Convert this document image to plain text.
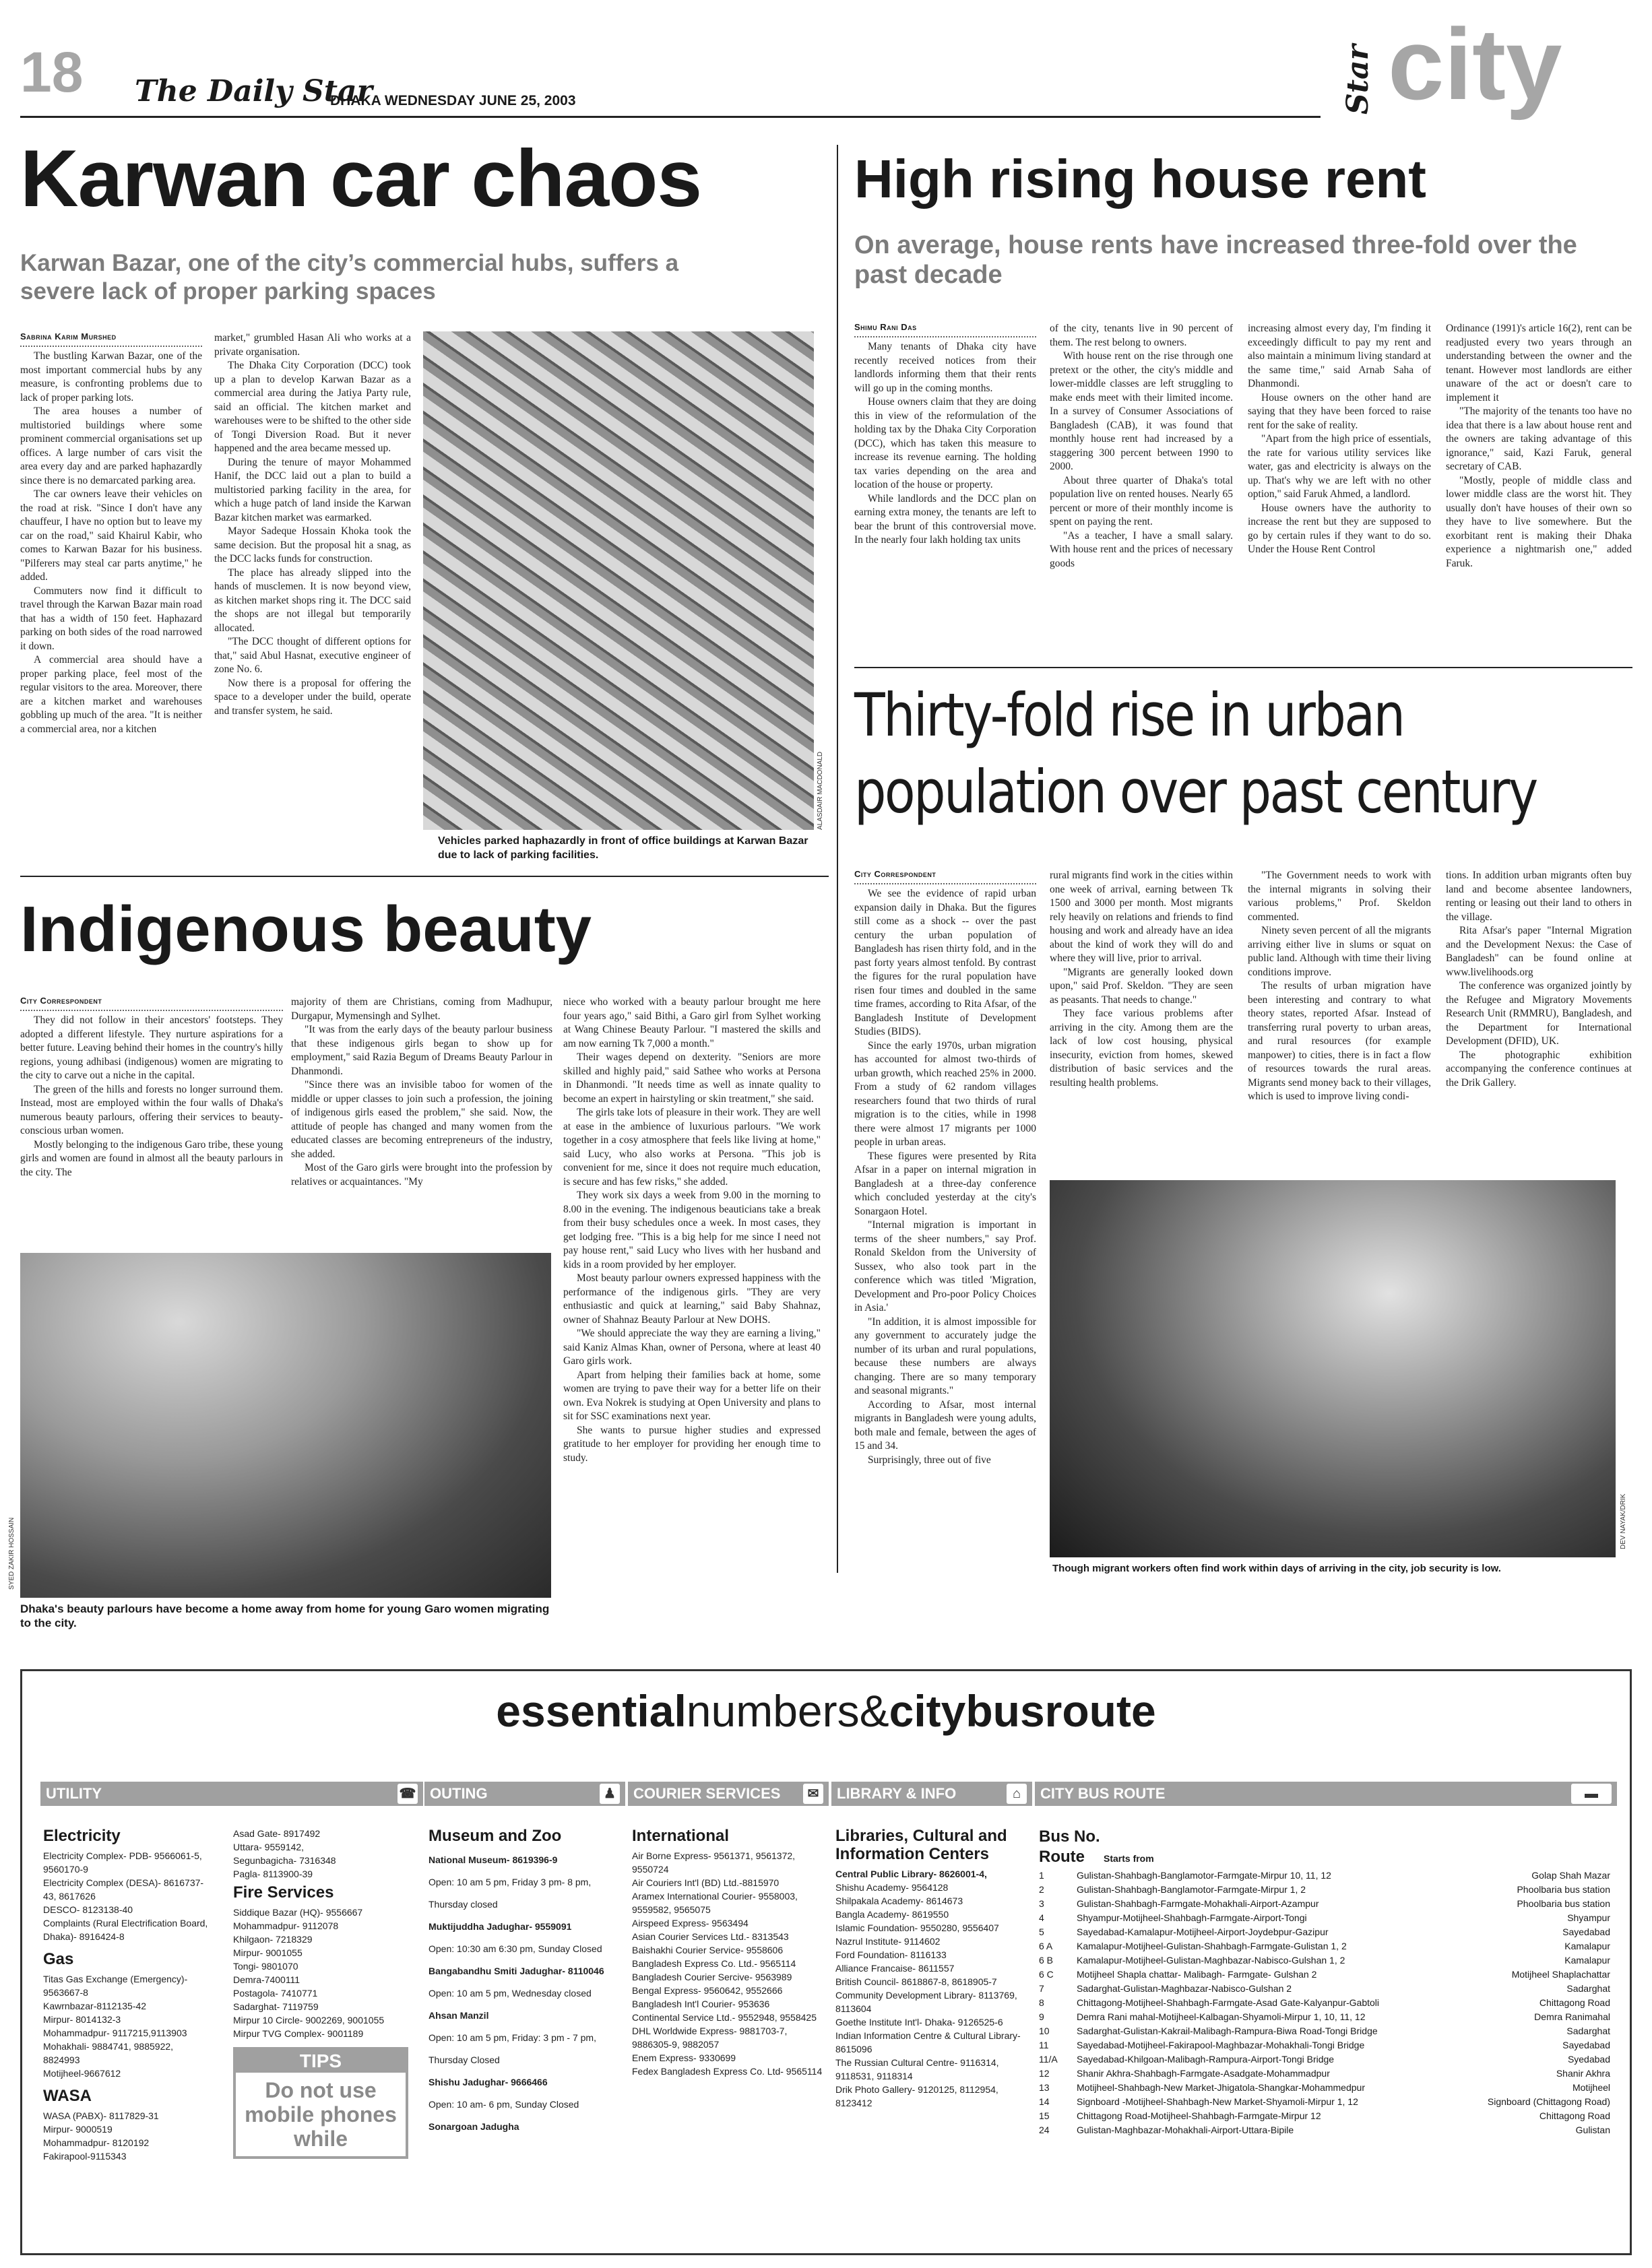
18 The Daily Star
DHAKA WEDNESDAY JUNE 25, 2003	Star city
Karwan car chaos
Karwan Bazar, one of the city’s commercial hubs, suffers a severe lack of proper parking spaces
Sabrina Karim Murshed

The bustling Karwan Bazar, one of the most important commercial hubs by any measure, is confronting problems due to lack of proper parking lots.

The area houses a number of multistoried buildings where some prominent commercial organisations set up offices. A large number of cars visit the area every day and are parked haphazardly since there is no demarcated parking area.

The car owners leave their vehicles on the road at risk. "Since I don't have any chauffeur, I have no option but to leave my car on the road," said Khairul Kabir, who comes to Karwan Bazar for his business. "Pilferers may steal car parts anytime," he added.

Commuters now find it difficult to travel through the Karwan Bazar main road that has a width of 150 feet. Haphazard parking on both sides of the road narrowed it down.

A commercial area should have a proper parking place, feel most of the regular visitors to the area. Moreover, there are a kitchen market and warehouses gobbling up much of the area. "It is neither a commercial area, nor a kitchen

market," grumbled Hasan Ali who works at a private organisation.

The Dhaka City Corporation (DCC) took up a plan to develop Karwan Bazar as a commercial area during the Jatiya Party rule, said an official. The kitchen market and warehouses were to be shifted to the other side of Tongi Diversion Road. But it never happened and the area became messed up.

During the tenure of mayor Mohammed Hanif, the DCC laid out a plan to build a multistoried parking facility in the area, for which a huge patch of land inside the Karwan Bazar kitchen market was earmarked.

Mayor Sadeque Hossain Khoka took the same decision. But the proposal hit a snag, as the DCC lacks funds for construction.

The place has already slipped into the hands of musclemen. It is now beyond view, as kitchen market shops ring it. The DCC said the shops are not illegal but temporarily allocated.

"The DCC thought of different options for that," said Abul Hasnat, executive engineer of zone No. 6.

Now there is a proposal for offering the space to a developer under the build, operate and transfer system, he said.

ALASDAIR MACDONALD
Vehicles parked haphazardly in front of office buildings at Karwan Bazar due to lack of parking facilities.
High rising house rent
On average, house rents have increased three-fold over the past decade
Shimu Rani Das

Many tenants of Dhaka city have recently received notices from their landlords informing them that their rents will go up in the coming months.

House owners claim that they are doing this in view of the reformulation of the holding tax by the Dhaka City Corporation (DCC), which has taken this measure to increase its revenue earning. The holding tax varies depending on the area and location of the house or property.

While landlords and the DCC plan on earning extra money, the tenants are left to bear the brunt of this controversial move. In the nearly four lakh holding tax units

of the city, tenants live in 90 percent of them. The rest belong to owners.

With house rent on the rise through one pretext or the other, the city's middle and lower-middle classes are left struggling to make ends meet with their limited income. In a survey of Consumer Associations of Bangladesh (CAB), it was found that monthly house rent had increased by a staggering 300 percent between 1990 to 2000.

About three quarter of Dhaka's total population live on rented houses. Nearly 65 percent or more of their monthly income is spent on paying the rent.

"As a teacher, I have a small salary. With house rent and the prices of necessary goods

increasing almost every day, I'm finding it exceedingly difficult to pay my rent and also maintain a minimum living standard at the same time," said Arnab Saha of Dhanmondi.

House owners on the other hand are saying that they have been forced to raise rent for the sake of reality.

"Apart from the high price of essentials, the rate for various utility services like water, gas and electricity is always on the up. That's why we are left with no other option," said Faruk Ahmed, a landlord.

House owners have the authority to increase the rent but they are supposed to go by certain rules if they want to do so. Under the House Rent Control

Ordinance (1991)'s article 16(2), rent can be readjusted every two years through an understanding between the owner and the tenant. However most landlords are either unaware of the act or doesn't care to implement it

"The majority of the tenants too have no idea that there is a law about house rent and the owners are taking advantage of this ignorance," said, Kazi Faruk, general secretary of CAB.

"Mostly, people of middle class and lower middle class are the worst hit. They usually don't have houses of their own so they have to live somewhere. But the exorbitant rent is making their Dhaka experience a nightmarish one," added Faruk.

Thirty-fold rise in urban population over past century
City Correspondent

We see the evidence of rapid urban expansion daily in Dhaka. But the figures still come as a shock -- over the past century the urban population of Bangladesh has risen thirty fold, and in the past forty years almost tenfold. By contrast the figures for the rural population have risen four times and doubled in the same time frames, according to Rita Afsar, of the Bangladesh Institute of Development Studies (BIDS).

Since the early 1970s, urban migration has accounted for almost two-thirds of urban growth, which reached 25% in 2000. From a study of 62 random villages researchers found that two thirds of rural migration is to the cities, while in 1998 there were almost 17 migrants per 1000 people in urban areas.

These figures were presented by Rita Afsar in a paper on internal migration in Bangladesh at a three-day conference which concluded yesterday at the city's Sonargaon Hotel.

"Internal migration is important in terms of the sheer numbers," say Prof. Ronald Skeldon from the University of Sussex, who also took part in the conference which was titled 'Migration, Development and Pro-poor Policy Choices in Asia.'

"In addition, it is almost impossible for any government to accurately judge the number of its urban and rural populations, because these numbers are always changing. There are so many temporary and seasonal migrants."

According to Afsar, most internal migrants in Bangladesh were young adults, both male and female, between the ages of 15 and 34.

Surprisingly, three out of five

rural migrants find work in the cities within one week of arrival, earning between Tk 1500 and 3000 per month. Most migrants rely heavily on relations and friends to find housing and work and already have an idea about the kind of work they will do and where they will live, prior to arrival.

"Migrants are generally looked down upon," said Prof. Skeldon. "They are seen as peasants. That needs to change."

They face various problems after arriving in the city. Among them are the lack of low cost housing, physical insecurity, eviction from homes, skewed distribution of basic services and the resulting health problems.

"The Government needs to work with the internal migrants in solving their various problems," Prof. Skeldon commented.

Ninety seven percent of all the migrants arriving either live in slums or squat on public land. Although with time their living conditions improve.

The results of urban migration have been interesting and contrary to what theory states, reported Afsar. Instead of transferring rural poverty to urban areas, and rural resources (for example manpower) to cities, there is in fact a flow of resources towards the rural areas. Migrants send money back to their villages, which is used to improve living condi-

tions. In addition urban migrants often buy land and become absentee landowners, renting or leasing out their land to others in the village.

Rita Afsar's paper "Internal Migration and the Development Nexus: the Case of Bangladesh" can be found online at www.livelihoods.org

The conference was organized jointly by the Refugee and Migratory Movements Research Unit (RMMRU), Bangladesh, and the Department for International Development (DFID), UK.

The photographic exhibition accompanying the conference continues at the Drik Gallery.

DEV NAYAK/DRIK
Though migrant workers often find work within days of arriving in the city, job security is low.
Indigenous beauty
City Correspondent

They did not follow in their ancestors' footsteps. They adopted a different lifestyle. They nurture aspirations for a better future. Leaving behind their homes in the country's hilly regions, young adhibasi (indigenous) women are migrating to the city to carve out a niche in the capital.

The green of the hills and forests no longer surround them. Instead, most are employed within the four walls of Dhaka's numerous beauty parlours, offering their services to beauty-conscious urban women.

Mostly belonging to the indigenous Garo tribe, these young girls and women are found in almost all the beauty parlours in the city. The

majority of them are Christians, coming from Madhupur, Durgapur, Mymensingh and Sylhet.

"It was from the early days of the beauty parlour business that these indigenous girls began to show up for employment," said Razia Begum of Dreams Beauty Parlour in Dhanmondi.

"Since there was an invisible taboo for women of the middle or upper classes to join such a profession, the joining of indigenous girls eased the problem," she said. Now, the attitude of people has changed and many women from the educated classes are becoming entrepreneurs of the industry, she added.

Most of the Garo girls were brought into the profession by relatives or acquaintances. "My

niece who worked with a beauty parlour brought me here four years ago," said Bithi, a Garo girl from Sylhet working at Wang Chinese Beauty Parlour. "I mastered the skills and am now earning Tk 7,000 a month."

Their wages depend on dexterity. "Seniors are more skilled and highly paid," said Sathee who works at Persona in Dhanmondi. "It needs time as well as innate quality to become an expert in hairstyling or skin treatment," she said.

The girls take lots of pleasure in their work. They are well at ease in the ambience of luxurious parlours. "We work together in a cosy atmosphere that feels like living at home," said Lucy, who also works at Persona. "This job is convenient for me, since it does not require much education, is secure and has few risks," she added.

They work six days a week from 9.00 in the morning to 8.00 in the evening. The indigenous beauticians take a break from their busy schedules once a week. In most cases, they get lodging free. "This is a big help for me since I need not pay house rent," said Lucy who lives with her husband and kids in a room provided by her employer.

Most beauty parlour owners expressed happiness with the performance of the indigenous girls. "They are very enthusiastic and quick at learning," said Baby Shahnaz, owner of Shahnaz Beauty Parlour at New DOHS.

"We should appreciate the way they are earning a living," said Kaniz Almas Khan, owner of Persona, where at least 40 Garo girls work.

Apart from helping their families back at home, some women are trying to pave their way for a better life on their own. Eva Nokrek is studying at Open University and plans to sit for SSC examinations next year.

She wants to pursue higher studies and expressed gratitude to her employer for providing her enough time to study.

SYED ZAKIR HOSSAIN
Dhaka's beauty parlours have become a home away from home for young Garo women migrating to the city.
essentialnumbers&citybusroute
UTILITY	☎ OUTING	♟	COURIER SERVICES	✉	LIBRARY & INFO	⌂	CITY BUS ROUTE	▬
Electricity
Electricity Complex- PDB- 9566061-5, 9560170-9
Electricity Complex (DESA)- 8616737-43, 8617626
DESCO- 8123138-40
Complaints (Rural Electrification Board, Dhaka)- 8916424-8
Gas
Titas Gas Exchange (Emergency)- 9563667-8
Kawrnbazar-8112135-42
Mirpur- 8014132-3
Mohammadpur- 9117215,9113903
Mohakhali- 9884741, 9885922, 8824993
Motijheel-9667612
WASA
WASA (PABX)- 8117829-31
Mirpur- 9000519
Mohammadpur- 8120192
Fakirapool-9115343
Asad Gate- 8917492
Uttara- 9559142,
Segunbagicha- 7316348
Pagla- 8113900-39
Fire Services
Siddique Bazar (HQ)- 9556667
Mohammadpur- 9112078
Khilgaon- 7218329
Mirpur- 9001055
Tongi- 9801070
Demra-7400111
Postagola- 7410771
Sadarghat- 7119759
Mirpur 10 Circle- 9002269, 9001055
Mirpur TVG Complex- 9001189
TIPS
Do not use mobile phones while
Museum and Zoo
National Museum- 8619396-9
Open: 10 am 5 pm, Friday 3 pm- 8 pm, Thursday closed
Muktijuddha Jadughar- 9559091
Open: 10:30 am 6:30 pm, Sunday Closed
Bangabandhu Smiti Jadughar- 8110046
Open: 10 am 5 pm, Wednesday closed
Ahsan Manzil
Open: 10 am 5 pm, Friday: 3 pm - 7 pm, Thursday Closed
Shishu Jadughar- 9666466
Open: 10 am- 6 pm, Sunday Closed
Sonargoan Jadugha
International
Air Borne Express- 9561371, 9561372, 9550724
Air Couriers Int'l (BD) Ltd.-8815970
Aramex International Courier- 9558003, 9559582, 9565075
Airspeed Express- 9563494
Asian Courier Services Ltd.- 8313543
Baishakhi Courier Service- 9558606
Bangladesh Express Co. Ltd.- 9565114
Bangladesh Courier Sercive- 9563989
Bengal Express- 9560642, 9552666
Bangladesh Int'l Courier- 953636
Continental Service Ltd.- 9552948, 9558425
DHL Worldwide Express- 9881703-7, 9886305-9, 9882057
Enem Express- 9330699
Fedex Bangladesh Express Co. Ltd- 9565114
Libraries, Cultural and Information Centers
Central Public Library- 8626001-4,
Shishu Academy- 9564128
Shilpakala Academy- 8614673
Bangla Academy- 8619550
Islamic Foundation- 9550280, 9556407
Nazrul Institute- 9114602
Ford Foundation- 8116133
Alliance Francaise- 8611557
British Council- 8618867-8, 8618905-7
Community Development Library- 8113769, 8113604
Goethe Institute Int'l- Dhaka- 9126525-6
Indian Information Centre & Cultural Library- 8615096
The Russian Cultural Centre- 9116314, 9118531, 9118314
Drik Photo Gallery- 9120125, 8112954, 8123412
Bus No.
Route	Starts from
1	Gulistan-Shahbagh-Banglamotor-Farmgate-Mirpur 10, 11, 12	Golap Shah Mazar
2	Gulistan-Shahbagh-Banglamotor-Farmgate-Mirpur 1, 2	Phoolbaria bus station
3	Gulistan-Shahbagh-Farmgate-Mohakhali-Airport-Azampur	Phoolbaria bus station
4	Shyampur-Motijheel-Shahbagh-Farmgate-Airport-Tongi	Shyampur
5	Sayedabad-Kamalapur-Motijheel-Airport-Joydebpur-Gazipur	Sayedabad
6 A	Kamalapur-Motijheel-Gulistan-Shahbagh-Farmgate-Gulistan 1, 2	Kamalapur
6 B	Kamalapur-Motijheel-Gulistan-Maghbazar-Nabisco-Gulshan 1, 2	Kamalapur
6 C	Motijheel Shapla chattar- Malibagh- Farmgate- Gulshan 2	Motijheel Shaplachattar
7	Sadarghat-Gulistan-Maghbazar-Nabisco-Gulshan 2	Sadarghat
8	Chittagong-Motijheel-Shahbagh-Farmgate-Asad Gate-Kalyanpur-Gabtoli	Chittagong Road
9	Demra Rani mahal-Motijheel-Kalbagan-Shyamoli-Mirpur 1, 10, 11, 12	Demra Ranimahal
10	Sadarghat-Gulistan-Kakrail-Malibagh-Rampura-Biwa Road-Tongi Bridge	Sadarghat
11	Sayedabad-Motijheel-Fakirapool-Maghbazar-Mohakhali-Tongi Bridge	Sayedabad
11/A	Sayedabad-Khilgoan-Malibagh-Rampura-Airport-Tongi Bridge	Syedabad
12	Shanir Akhra-Shahbagh-Farmgate-Asadgate-Mohammadpur	Shanir Akhra
13	Motijheel-Shahbagh-New Market-Jhigatola-Shangkar-Mohammedpur	Motijheel
14	Signboard -Motijheel-Shahbagh-New Market-Shyamoli-Mirpur 1, 12	Signboard (Chittagong Road)
15	Chittagong Road-Motijheel-Shahbagh-Farmgate-Mirpur 12	Chittagong Road
24	Gulistan-Maghbazar-Mohakhali-Airport-Uttara-Bipile	Gulistan
